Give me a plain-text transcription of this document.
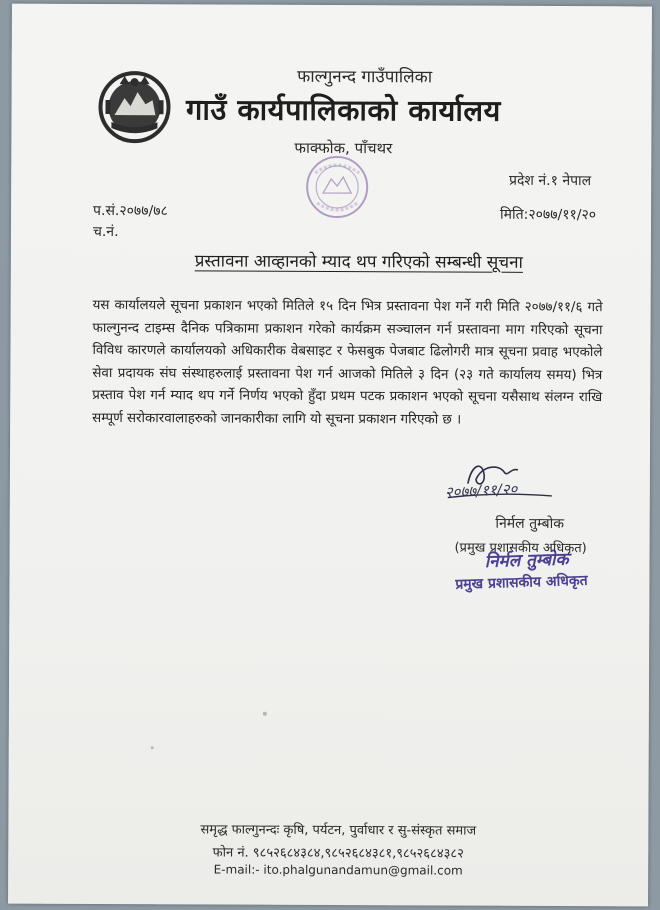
फाल्गुनन्द गाउँपालिका
गाउँ कार्यपालिकाको कार्यालय
फाक्फोक, पाँचथर
प्रदेश नं.१ नेपाल
प.सं.२०७७/७८	मिति:२०७७/११/२०
च.नं.
प्रस्तावना आव्हानको म्याद थप गरिएको सम्बन्धी सूचना
यस कार्यालयले सूचना प्रकाशन भएको मितिले १५ दिन भित्र प्रस्तावना पेश गर्ने गरी मिति २०७७/११/६ गते फाल्गुनन्द टाइम्स दैनिक पत्रिकामा प्रकाशन गरेको कार्यक्रम सञ्चालन गर्न प्रस्तावना माग गरिएको सूचना विविध कारणले कार्यालयको अधिकारीक वेबसाइट र फेसबुक पेजबाट ढिलोगरी मात्र सूचना प्रवाह भएकोले सेवा प्रदायक संघ संस्थाहरुलाई प्रस्तावना पेश गर्न आजको मितिले ३ दिन (२३ गते कार्यालय समय) भित्र प्रस्ताव पेश गर्न म्याद थप गर्ने निर्णय भएको हुँदा प्रथम पटक प्रकाशन भएको सूचना यसैसाथ संलग्न राखि सम्पूर्ण सरोकारवालाहरुको जानकारीका लागि यो सूचना प्रकाशन गरिएको छ ।
२०७७/११/२०
निर्मल तुम्बोक
(प्रमुख प्रशासकीय अधिकृत)
निर्मल तुम्बोक
प्रमुख प्रशासकीय अधिकृत
समृद्ध फाल्गुनन्दः कृषि, पर्यटन, पुर्वाधार र सु-संस्कृत समाज
फोन नं. ९८५२६८४३८४,९८५२६८४३८१,९८५२६८४३८२
E-mail:- ito.phalgunandamun@gmail.com
